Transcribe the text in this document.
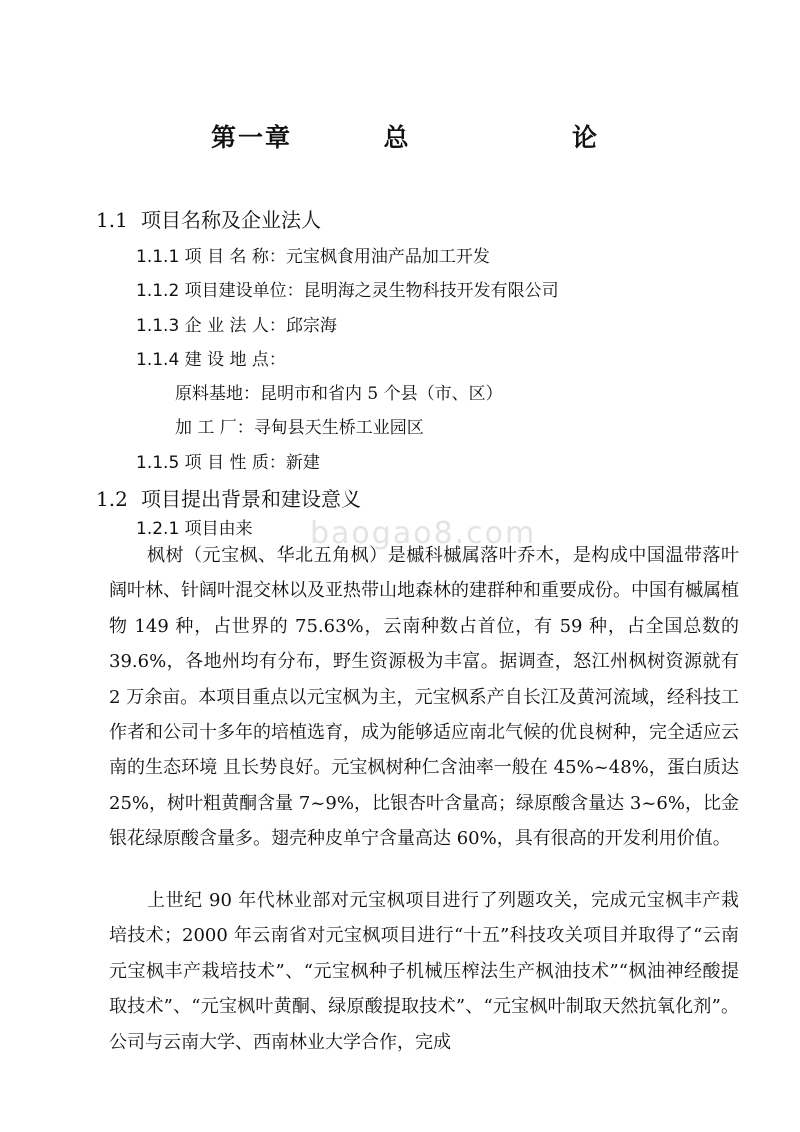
baogao8.com
第一章	总	论
1.1 项目名称及企业法人
1.1.1 项 目 名 称：元宝枫食用油产品加工开发
1.1.2 项目建设单位：昆明海之灵生物科技开发有限公司
1.1.3 企 业 法 人：邱宗海
1.1.4 建 设 地 点：
原料基地：昆明市和省内 5 个县（市、区）
加 工 厂：寻甸县天生桥工业园区
1.1.5 项 目 性 质：新建
1.2 项目提出背景和建设意义
1.2.1 项目由来
枫树（元宝枫、华北五角枫）是槭科槭属落叶乔木，是构成中国温带落叶阔叶林、针阔叶混交林以及亚热带山地森林的建群种和重要成份。中国有槭属植物 149 种，占世界的 75.63%，云南种数占首位，有 59 种，占全国总数的 39.6%，各地州均有分布，野生资源极为丰富。据调查，怒江州枫树资源就有 2 万余亩。本项目重点以元宝枫为主，元宝枫系产自长江及黄河流域，经科技工作者和公司十多年的培植选育，成为能够适应南北气候的优良树种，完全适应云南的生态环境 且长势良好。元宝枫树种仁含油率一般在 45%~48%，蛋白质达 25%，树叶粗黄酮含量 7~9%，比银杏叶含量高；绿原酸含量达 3~6%，比金银花绿原酸含量多。翅壳种皮单宁含量高达 60%，具有很高的开发利用价值。
上世纪 90 年代林业部对元宝枫项目进行了列题攻关，完成元宝枫丰产栽培技术；2000 年云南省对元宝枫项目进行“十五”科技攻关项目并取得了“云南元宝枫丰产栽培技术”、“元宝枫种子机械压榨法生产枫油技术”“枫油神经酸提取技术”、“元宝枫叶黄酮、绿原酸提取技术”、“元宝枫叶制取天然抗氧化剂”。公司与云南大学、西南林业大学合作，完成
